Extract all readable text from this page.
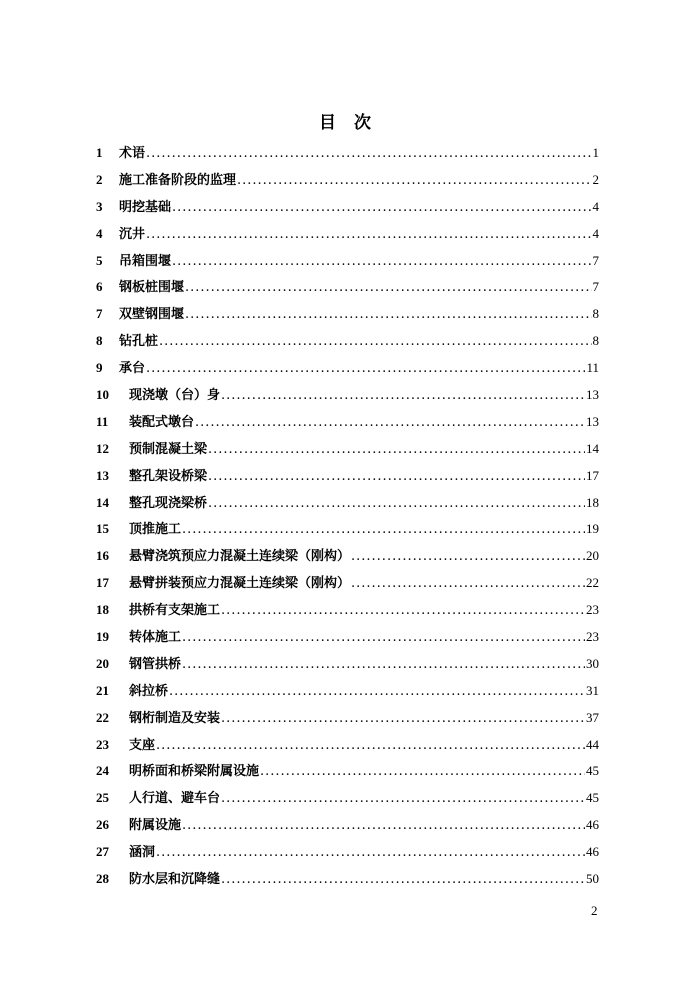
目 次
1	术语 .....	1
2	施工准备阶段的监理 .....	2
3	明挖基础 .....	4
4	沉井 .....	4
5	吊箱围堰 .....	7
6	钢板桩围堰 .....	7
7	双壁钢围堰 .....	8
8	钻孔桩 .....	8
9	承台 .....	11
10	现浇墩（台）身 .....	13
11	装配式墩台 .....	13
12	预制混凝土梁 .....	14
13	整孔架设桥梁 .....	17
14	整孔现浇梁桥 .....	18
15	顶推施工 .....	19
16	悬臂浇筑预应力混凝土连续梁（刚构） .....	20
17	悬臂拼装预应力混凝土连续梁（刚构） .....	22
18	拱桥有支架施工 .....	23
19	转体施工 .....	23
20	钢管拱桥 .....	30
21	斜拉桥 .....	31
22	钢桁制造及安装 .....	37
23	支座 .....	44
24	明桥面和桥梁附属设施 .....	45
25	人行道、避车台 .....	45
26	附属设施 .....	46
27	涵洞 .....	46
28	防水层和沉降缝 .....	50
2
